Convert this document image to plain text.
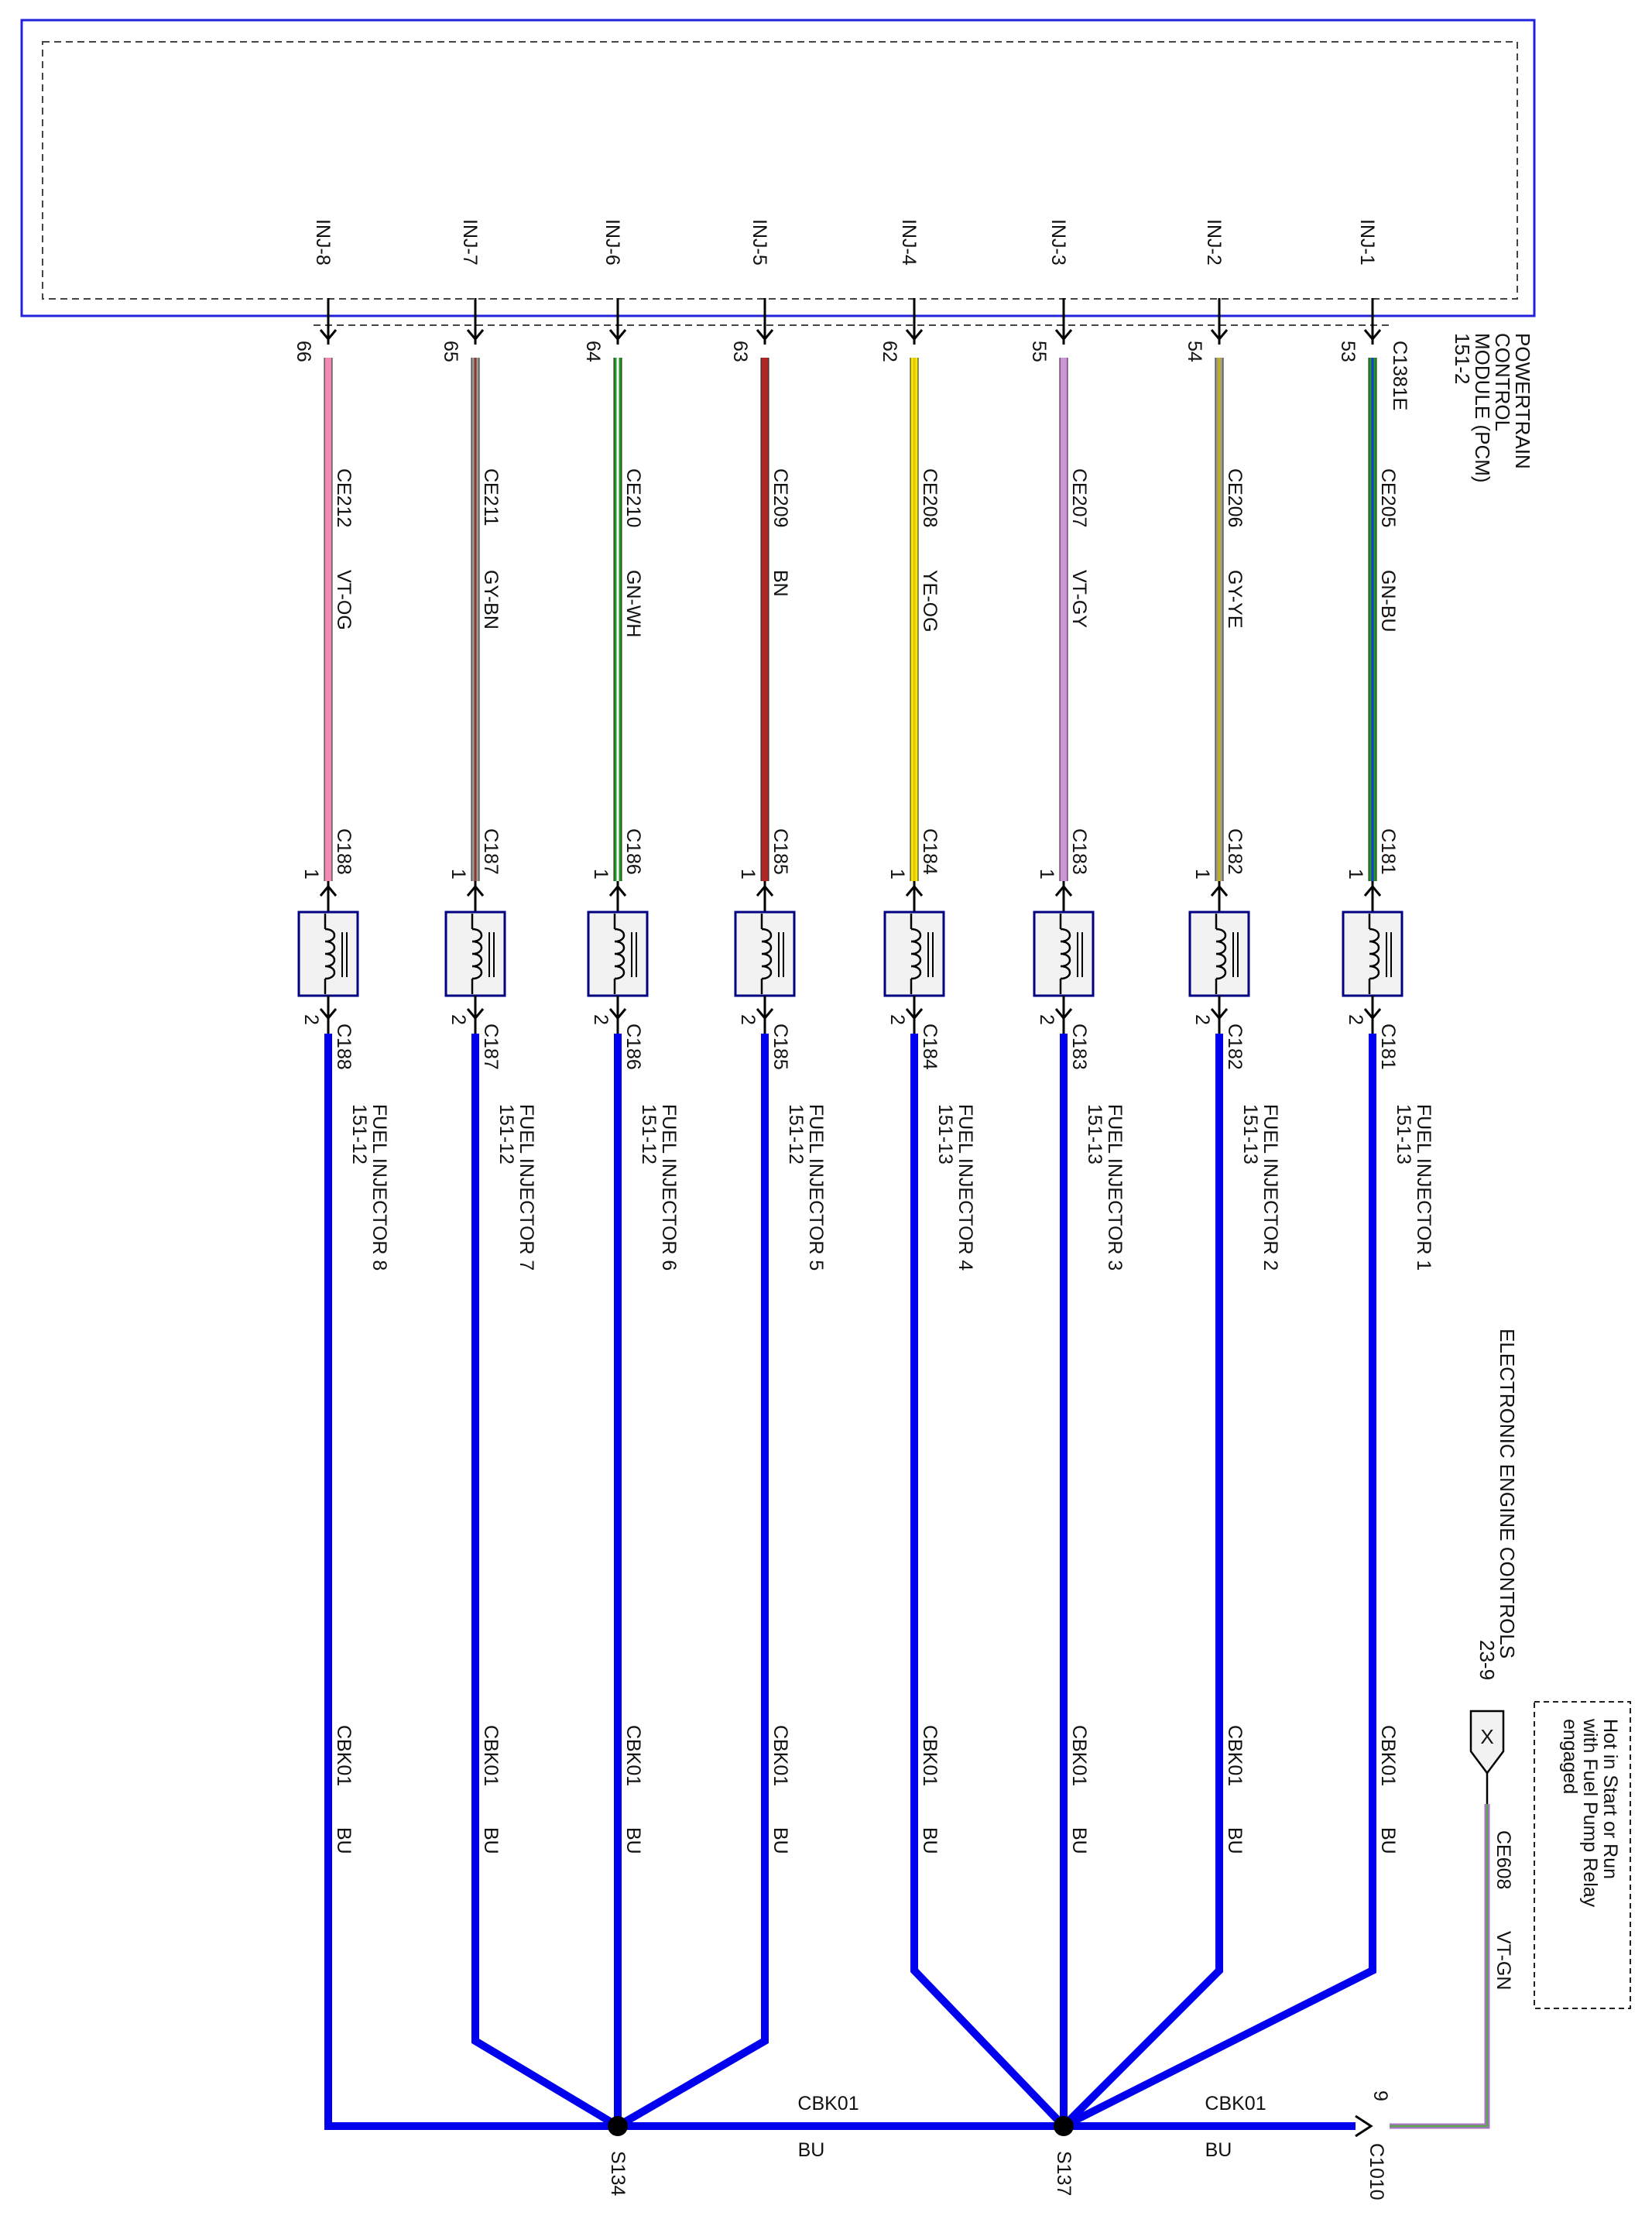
POWERTRAIN
CONTROL
MODULE (PCM)
151-2
C1381E
INJ-8
66
CE212
VT-OG
C188
1
C188
2
FUEL INJECTOR 8
151-12
CBK01
BU
INJ-7
65
CE211
GY-BN
C187
1
C187
2
FUEL INJECTOR 7
151-12
CBK01
BU
INJ-6
64
CE210
GN-WH
C186
1
C186
2
FUEL INJECTOR 6
151-12
CBK01
BU
INJ-5
63
CE209
BN
C185
1
C185
2
FUEL INJECTOR 5
151-12
CBK01
BU
INJ-4
62
CE208
YE-OG
C184
1
C184
2
FUEL INJECTOR 4
151-13
CBK01
BU
INJ-3
55
CE207
VT-GY
C183
1
C183
2
FUEL INJECTOR 3
151-13
CBK01
BU
INJ-2
54
CE206
GY-YE
C182
1
C182
2
FUEL INJECTOR 2
151-13
CBK01
BU
INJ-1
53
CE205
GN-BU
C181
1
C181
2
FUEL INJECTOR 1
151-13
CBK01
BU
S134	S137
CBK01
BU
CBK01
BU
9
C1010
X	Hot in Start or Run
with Fuel Pump Relay
engaged
CE608
VT-GN
ELECTRONIC ENGINE CONTROLS
23-9
